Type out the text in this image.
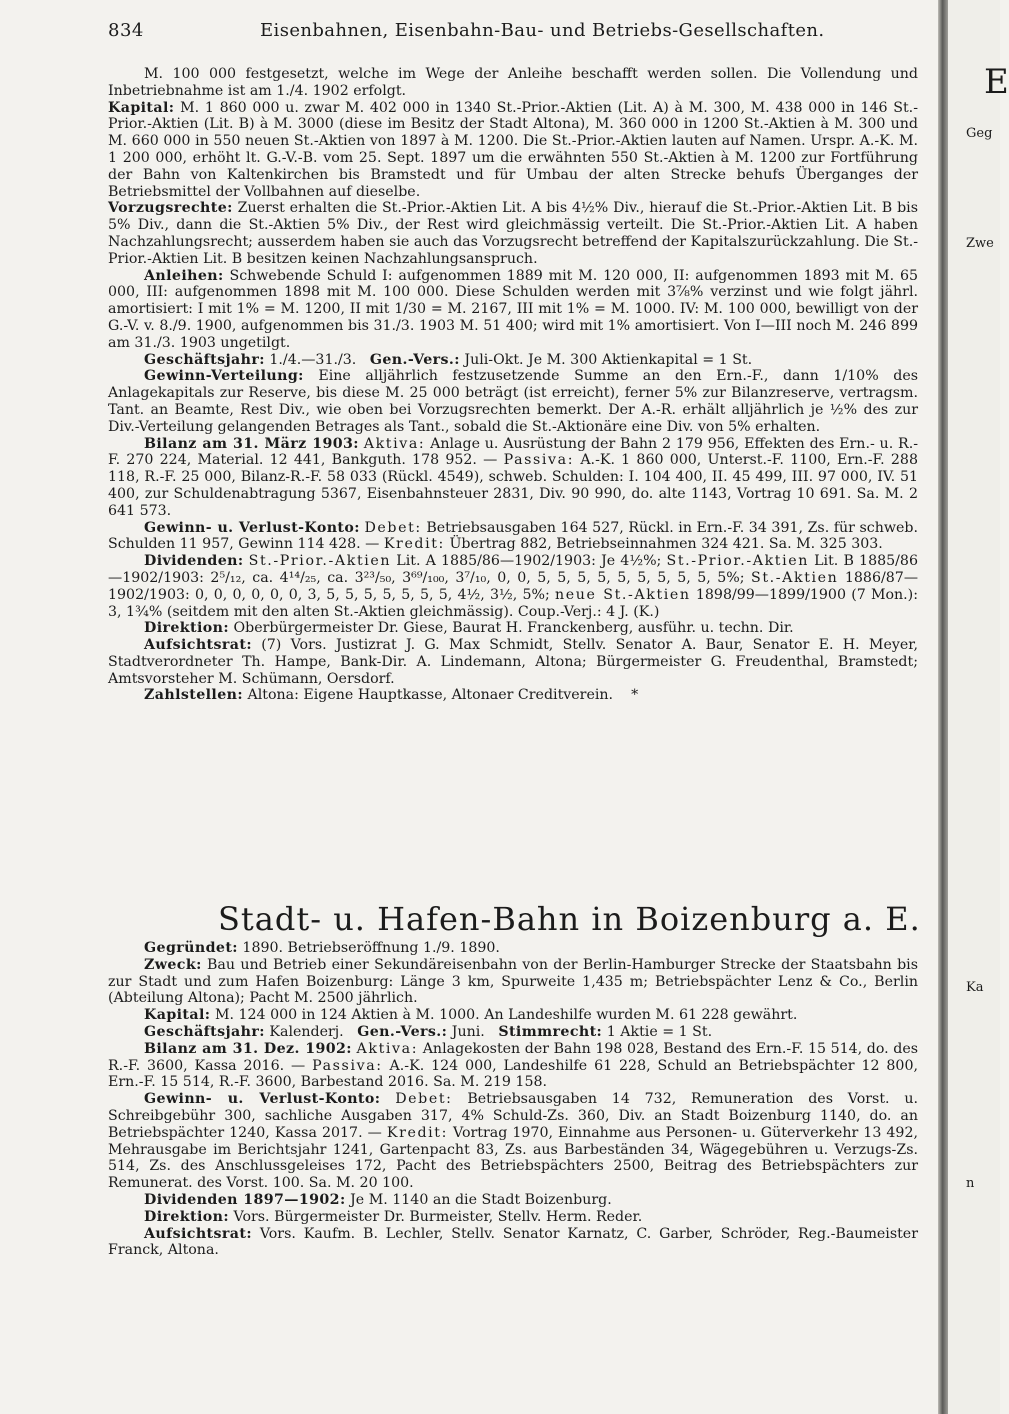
834	Eisenbahnen, Eisenbahn-Bau- und Betriebs-Gesellschaften.

M. 100 000 festgesetzt, welche im Wege der Anleihe beschafft werden sollen. Die Vollendung und Inbetriebnahme ist am 1./4. 1902 erfolgt.

Kapital: M. 1 860 000 u. zwar M. 402 000 in 1340 St.-Prior.-Aktien (Lit. A) à M. 300, M. 438 000 in 146 St.-Prior.-Aktien (Lit. B) à M. 3000 (diese im Besitz der Stadt Altona), M. 360 000 in 1200 St.-Aktien à M. 300 und M. 660 000 in 550 neuen St.-Aktien von 1897 à M. 1200. Die St.-Prior.-Aktien lauten auf Namen. Urspr. A.-K. M. 1 200 000, erhöht lt. G.-V.-B. vom 25. Sept. 1897 um die erwähnten 550 St.-Aktien à M. 1200 zur Fortführung der Bahn von Kaltenkirchen bis Bramstedt und für Umbau der alten Strecke behufs Überganges der Betriebsmittel der Vollbahnen auf dieselbe.

Vorzugsrechte: Zuerst erhalten die St.-Prior.-Aktien Lit. A bis 4½% Div., hierauf die St.-Prior.-Aktien Lit. B bis 5% Div., dann die St.-Aktien 5% Div., der Rest wird gleichmässig verteilt. Die St.-Prior.-Aktien Lit. A haben Nachzahlungsrecht; ausserdem haben sie auch das Vorzugsrecht betreffend der Kapitalszurückzahlung. Die St.-Prior.-Aktien Lit. B besitzen keinen Nachzahlungsanspruch.

Anleihen: Schwebende Schuld I: aufgenommen 1889 mit M. 120 000, II: aufgenommen 1893 mit M. 65 000, III: aufgenommen 1898 mit M. 100 000. Diese Schulden werden mit 3⅞% verzinst und wie folgt jährl. amortisiert: I mit 1% = M. 1200, II mit 1/30 = M. 2167, III mit 1% = M. 1000. IV: M. 100 000, bewilligt von der G.-V. v. 8./9. 1900, aufgenommen bis 31./3. 1903 M. 51 400; wird mit 1% amortisiert. Von I—III noch M. 246 899 am 31./3. 1903 ungetilgt.

Geschäftsjahr: 1./4.—31./3. Gen.-Vers.: Juli-Okt. Je M. 300 Aktienkapital = 1 St.

Gewinn-Verteilung: Eine alljährlich festzusetzende Summe an den Ern.-F., dann 1/10% des Anlagekapitals zur Reserve, bis diese M. 25 000 beträgt (ist erreicht), ferner 5% zur Bilanzreserve, vertragsm. Tant. an Beamte, Rest Div., wie oben bei Vorzugsrechten bemerkt. Der A.-R. erhält alljährlich je ½% des zur Div.-Verteilung gelangenden Betrages als Tant., sobald die St.-Aktionäre eine Div. von 5% erhalten.

Bilanz am 31. März 1903: Aktiva: Anlage u. Ausrüstung der Bahn 2 179 956, Effekten des Ern.- u. R.-F. 270 224, Material. 12 441, Bankguth. 178 952. — Passiva: A.-K. 1 860 000, Unterst.-F. 1100, Ern.-F. 288 118, R.-F. 25 000, Bilanz-R.-F. 58 033 (Rückl. 4549), schweb. Schulden: I. 104 400, II. 45 499, III. 97 000, IV. 51 400, zur Schuldenabtragung 5367, Eisenbahnsteuer 2831, Div. 90 990, do. alte 1143, Vortrag 10 691. Sa. M. 2 641 573.

Gewinn- u. Verlust-Konto: Debet: Betriebsausgaben 164 527, Rückl. in Ern.-F. 34 391, Zs. für schweb. Schulden 11 957, Gewinn 114 428. — Kredit: Übertrag 882, Betriebseinnahmen 324 421. Sa. M. 325 303.

Dividenden: St.-Prior.-Aktien Lit. A 1885/86—1902/1903: Je 4½%; St.-Prior.-Aktien Lit. B 1885/86—1902/1903: 2⁵/₁₂, ca. 4¹⁴/₂₅, ca. 3²³/₅₀, 3⁶⁹/₁₀₀, 3⁷/₁₀, 0, 0, 5, 5, 5, 5, 5, 5, 5, 5, 5, 5%; St.-Aktien 1886/87—1902/1903: 0, 0, 0, 0, 0, 0, 3, 5, 5, 5, 5, 5, 5, 5, 4½, 3½, 5%; neue St.-Aktien 1898/99—1899/1900 (7 Mon.): 3, 1¾% (seitdem mit den alten St.-Aktien gleichmässig). Coup.-Verj.: 4 J. (K.)

Direktion: Oberbürgermeister Dr. Giese, Baurat H. Franckenberg, ausführ. u. techn. Dir.

Aufsichtsrat: (7) Vors. Justizrat J. G. Max Schmidt, Stellv. Senator A. Baur, Senator E. H. Meyer, Stadtverordneter Th. Hampe, Bank-Dir. A. Lindemann, Altona; Bürgermeister G. Freudenthal, Bramstedt; Amtsvorsteher M. Schümann, Oersdorf.

Zahlstellen: Altona: Eigene Hauptkasse, Altonaer Creditverein. *

Stadt- u. Hafen-Bahn in Boizenburg a. E.

Gegründet: 1890. Betriebseröffnung 1./9. 1890.

Zweck: Bau und Betrieb einer Sekundäreisenbahn von der Berlin-Hamburger Strecke der Staatsbahn bis zur Stadt und zum Hafen Boizenburg: Länge 3 km, Spurweite 1,435 m; Betriebspächter Lenz & Co., Berlin (Abteilung Altona); Pacht M. 2500 jährlich.

Kapital: M. 124 000 in 124 Aktien à M. 1000. An Landeshilfe wurden M. 61 228 gewährt.

Geschäftsjahr: Kalenderj. Gen.-Vers.: Juni. Stimmrecht: 1 Aktie = 1 St.

Bilanz am 31. Dez. 1902: Aktiva: Anlagekosten der Bahn 198 028, Bestand des Ern.-F. 15 514, do. des R.-F. 3600, Kassa 2016. — Passiva: A.-K. 124 000, Landeshilfe 61 228, Schuld an Betriebspächter 12 800, Ern.-F. 15 514, R.-F. 3600, Barbestand 2016. Sa. M. 219 158.

Gewinn- u. Verlust-Konto: Debet: Betriebsausgaben 14 732, Remuneration des Vorst. u. Schreibgebühr 300, sachliche Ausgaben 317, 4% Schuld-Zs. 360, Div. an Stadt Boizenburg 1140, do. an Betriebspächter 1240, Kassa 2017. — Kredit: Vortrag 1970, Einnahme aus Personen- u. Güterverkehr 13 492, Mehrausgabe im Berichtsjahr 1241, Gartenpacht 83, Zs. aus Barbeständen 34, Wägegebühren u. Verzugs-Zs. 514, Zs. des Anschlussgeleises 172, Pacht des Betriebspächters 2500, Beitrag des Betriebspächters zur Remunerat. des Vorst. 100. Sa. M. 20 100.

Dividenden 1897—1902: Je M. 1140 an die Stadt Boizenburg.

Direktion: Vors. Bürgermeister Dr. Burmeister, Stellv. Herm. Reder.

Aufsichtsrat: Vors. Kaufm. B. Lechler, Stellv. Senator Karnatz, C. Garber, Schröder, Reg.-Baumeister Franck, Altona.

E
Geg
Zwe
Ka
n
